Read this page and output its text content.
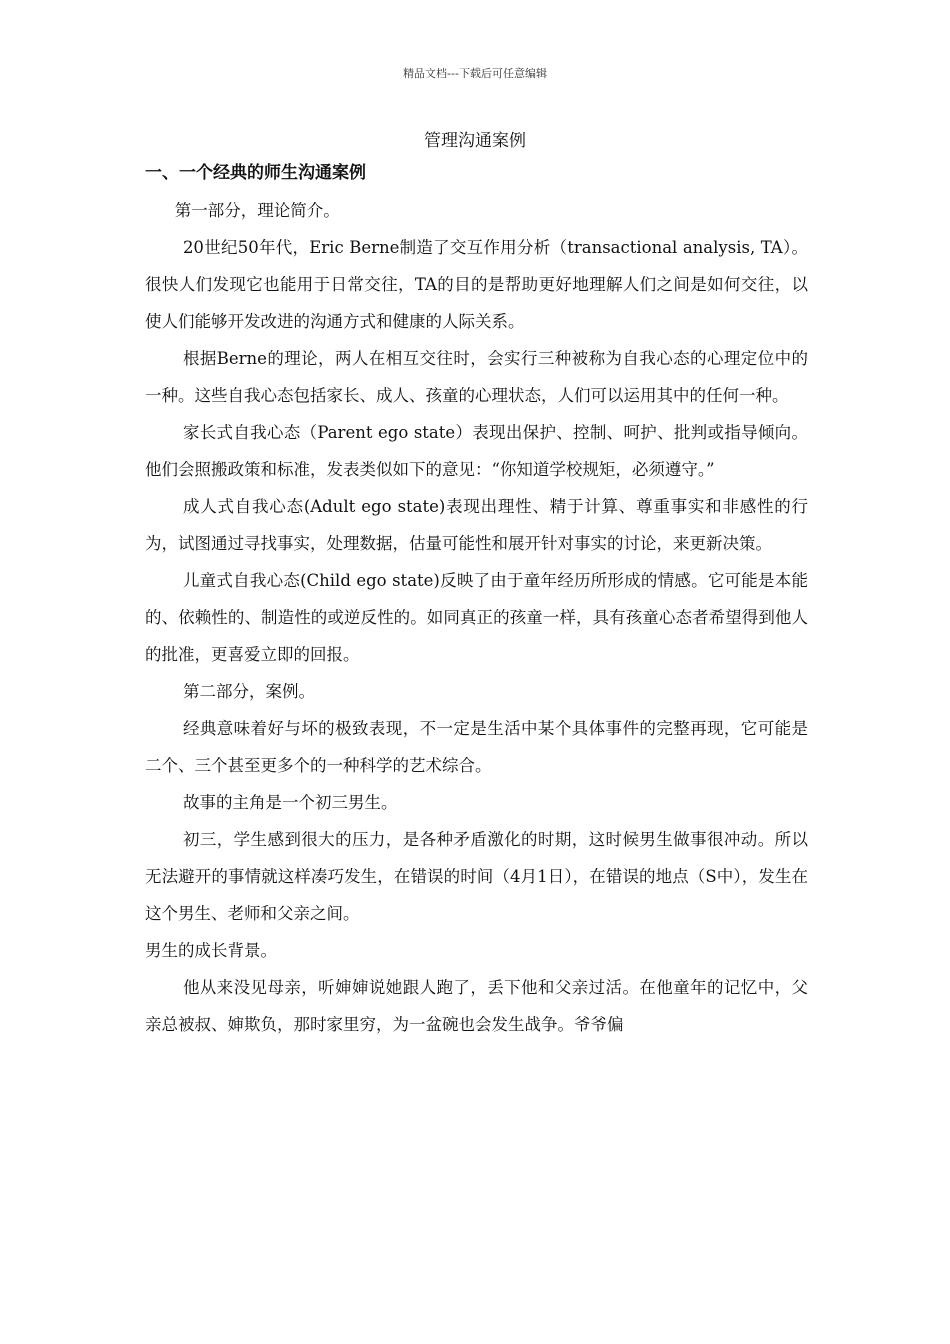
精品文档---下载后可任意编辑
管理沟通案例

一、一个经典的师生沟通案例

第一部分，理论简介。

20世纪50年代，Eric Berne制造了交互作用分析（transactional analysis, TA）。很快人们发现它也能用于日常交往，TA的目的是帮助更好地理解人们之间是如何交往，以使人们能够开发改进的沟通方式和健康的人际关系。

根据Berne的理论，两人在相互交往时，会实行三种被称为自我心态的心理定位中的一种。这些自我心态包括家长、成人、孩童的心理状态，人们可以运用其中的任何一种。

家长式自我心态（Parent ego state）表现出保护、控制、呵护、批判或指导倾向。他们会照搬政策和标准，发表类似如下的意见：“你知道学校规矩，必须遵守。”

成人式自我心态(Adult ego state)表现出理性、精于计算、尊重事实和非感性的行为，试图通过寻找事实，处理数据，估量可能性和展开针对事实的讨论，来更新决策。

儿童式自我心态(Child ego state)反映了由于童年经历所形成的情感。它可能是本能的、依赖性的、制造性的或逆反性的。如同真正的孩童一样，具有孩童心态者希望得到他人的批准，更喜爱立即的回报。

第二部分，案例。

经典意味着好与坏的极致表现，不一定是生活中某个具体事件的完整再现，它可能是二个、三个甚至更多个的一种科学的艺术综合。

故事的主角是一个初三男生。

初三，学生感到很大的压力，是各种矛盾激化的时期，这时候男生做事很冲动。所以无法避开的事情就这样凑巧发生，在错误的时间（4月1日），在错误的地点（S中），发生在这个男生、老师和父亲之间。

男生的成长背景。

他从来没见母亲，听婶婶说她跟人跑了，丢下他和父亲过活。在他童年的记忆中，父亲总被叔、婶欺负，那时家里穷，为一盆碗也会发生战争。爷爷偏
